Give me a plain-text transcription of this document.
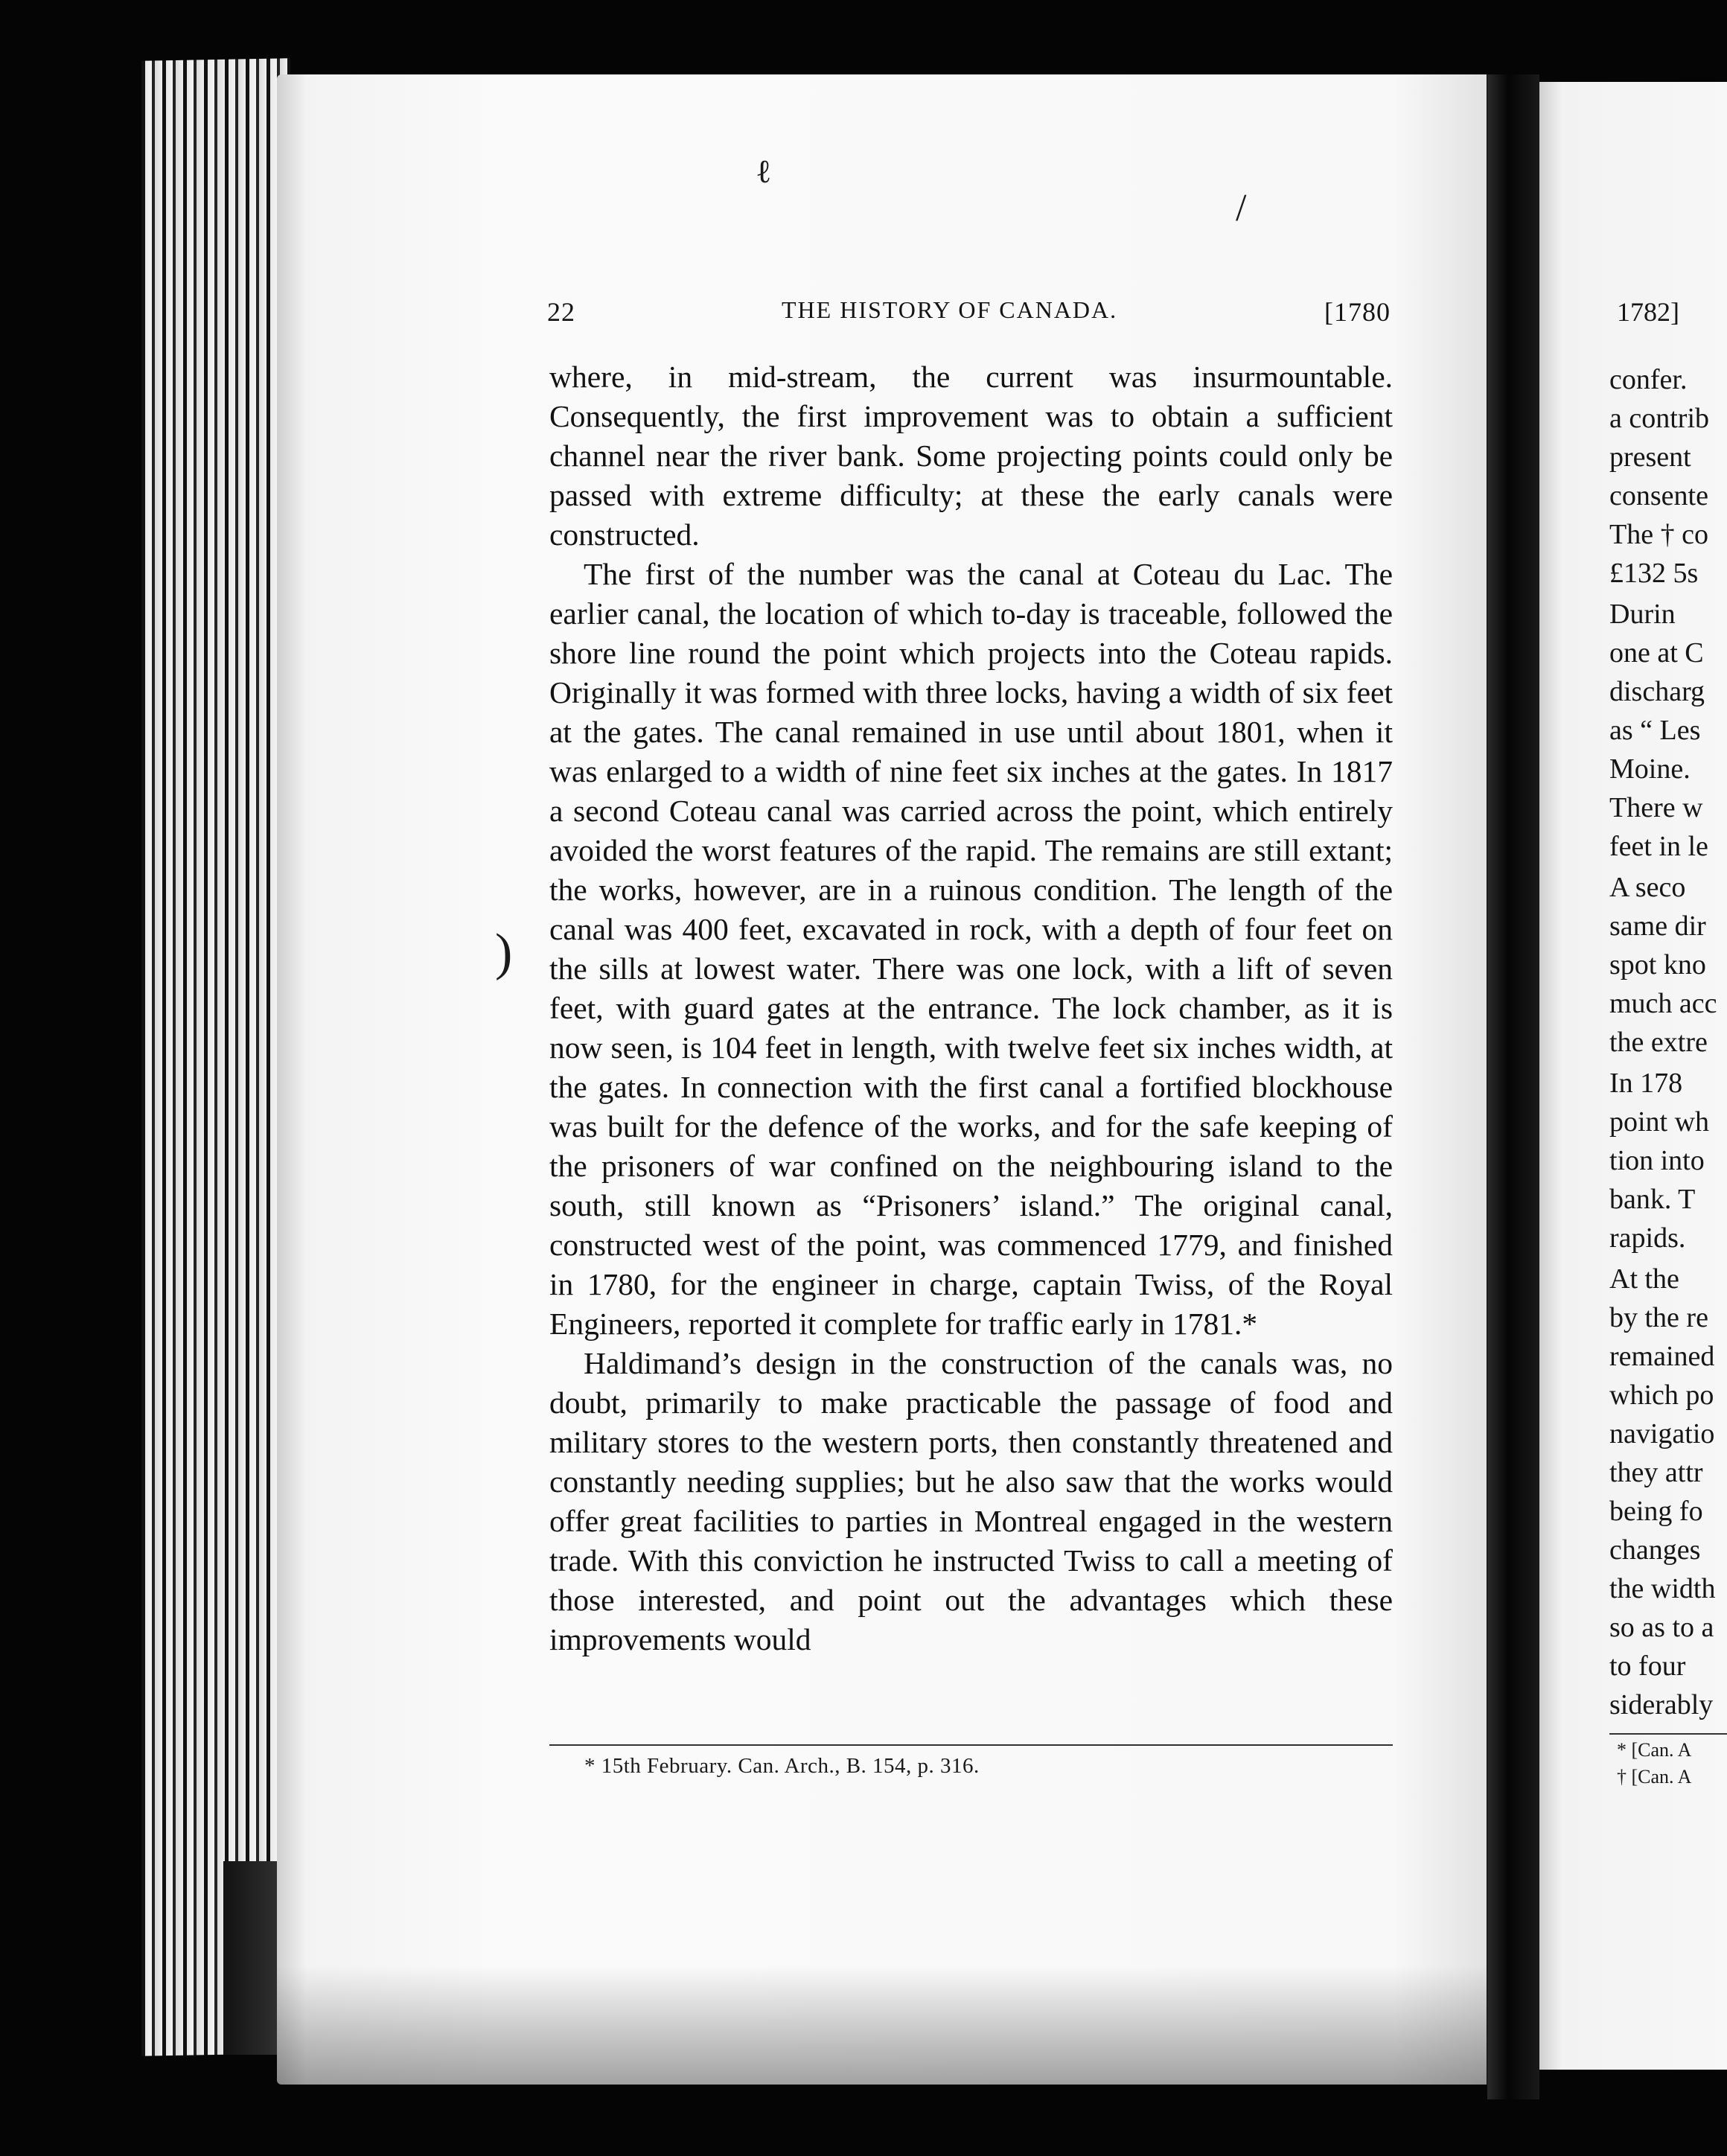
1782]
confer.
a contrib
present
consente
The † co
£132 5s
Durin
one at C
discharg
as “ Les
Moine.
There w
feet in le
A seco
same dir
spot kno
much acc
the extre
In 178
point wh
tion into
bank. T
rapids.
At the
by the re
remained
which po
navigatio
they attr
being fo
changes
the width
so as to a
to four
siderably
* [Can. A
† [Can. A
22	THE HISTORY OF CANADA.	[1780

where, in mid-stream, the current was insurmountable. Consequently, the first improvement was to obtain a sufficient channel near the river bank. Some projecting points could only be passed with extreme difficulty; at these the early canals were constructed.

The first of the number was the canal at Coteau du Lac. The earlier canal, the location of which to-day is traceable, followed the shore line round the point which projects into the Coteau rapids. Originally it was formed with three locks, having a width of six feet at the gates. The canal remained in use until about 1801, when it was enlarged to a width of nine feet six inches at the gates. In 1817 a second Coteau canal was carried across the point, which entirely avoided the worst features of the rapid. The remains are still extant; the works, however, are in a ruinous condition. The length of the canal was 400 feet, excavated in rock, with a depth of four feet on the sills at lowest water. There was one lock, with a lift of seven feet, with guard gates at the entrance. The lock chamber, as it is now seen, is 104 feet in length, with twelve feet six inches width, at the gates. In connection with the first canal a fortified blockhouse was built for the defence of the works, and for the safe keeping of the prisoners of war confined on the neighbouring island to the south, still known as “Prisoners’ island.” The original canal, constructed west of the point, was commenced 1779, and finished in 1780, for the engineer in charge, captain Twiss, of the Royal Engineers, reported it complete for traffic early in 1781.*

Haldimand’s design in the construction of the canals was, no doubt, primarily to make practicable the passage of food and military stores to the western ports, then constantly threatened and constantly needing supplies; but he also saw that the works would offer great facilities to parties in Montreal engaged in the western trade. With this conviction he instructed Twiss to call a meeting of those interested, and point out the advantages which these improvements would

* 15th February. Can. Arch., B. 154, p. 316.
ℓ
/
)
